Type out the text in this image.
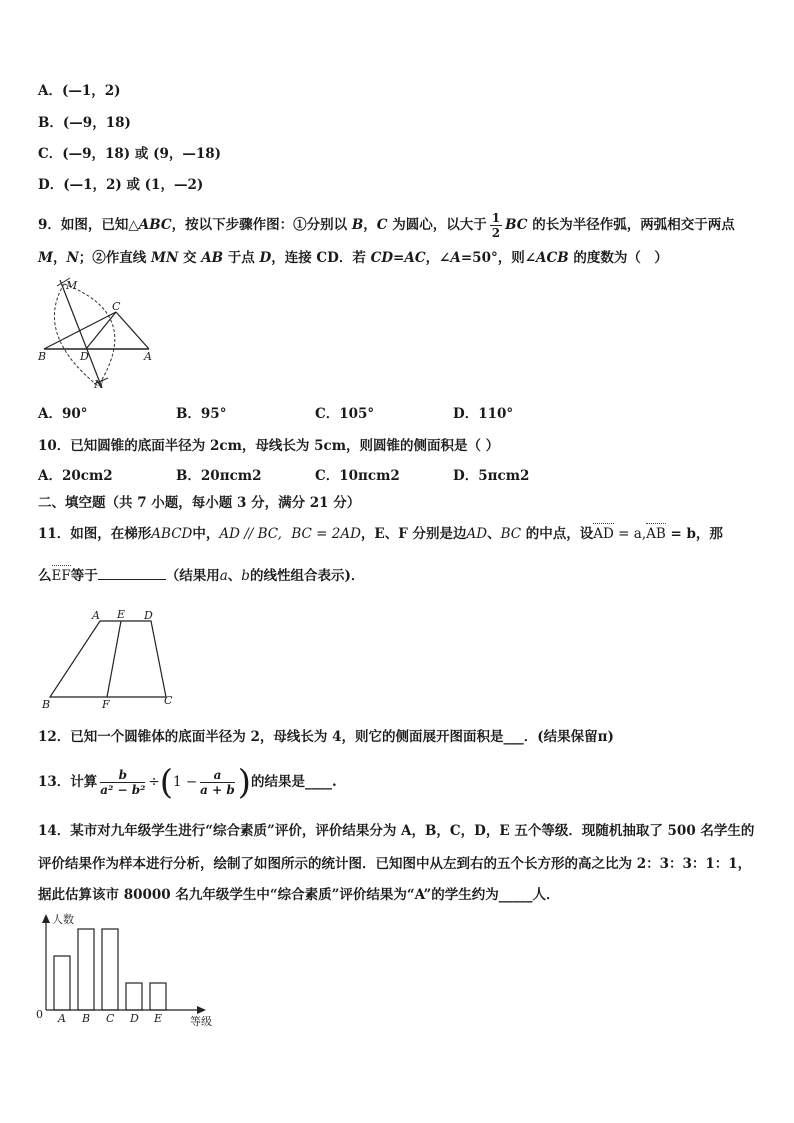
A．(—1，2)
B．(—9，18)
C．(—9，18) 或 (9，—18)
D．(—1，2) 或 (1，—2)
9．如图，已知△ABC，按以下步骤作图：①分别以 B，C 为圆心，以大于 $\frac{1}{2}$ BC 的长为半径作弧，两弧相交于两点
M，N；②作直线 MN 交 AB 于点 D，连接 CD．若 CD=AC，∠A=50°，则∠ACB 的度数为（　）
M
C
B	D	A
N
A．90°	B．95°	C．105°	D．110°
10．已知圆锥的底面半径为 2cm，母线长为 5cm，则圆锥的侧面积是（ ）
A．20cm2	B．20πcm2	C．10πcm2	D．5πcm2
二、填空题（共 7 小题，每小题 3 分，满分 21 分）
11．如图，在梯形ABCD中，AD // BC, BC = 2AD，E、F 分别是边AD、BC 的中点，设AD = a,AB = b，那
么EF等于	（结果用a、b的线性组合表示)．
A E D
B	F	C
12．已知一个圆锥体的底面半径为 2，母线长为 4，则它的侧面展开图面积是___．(结果保留π)
13．计算 $\frac{b}{\text{a² − b²}} \div(1 - \frac{a}{a + b}$ )的结果是____.
14．某市对九年级学生进行“综合素质”评价，评价结果分为 A，B，C，D，E 五个等级．现随机抽取了 500 名学生的
评价结果作为样本进行分析，绘制了如图所示的统计图．已知图中从左到右的五个长方形的高之比为 2：3：3：1：1，
据此估算该市 80000 名九年级学生中“综合素质”评价结果为“A”的学生约为_____人．
人数
等级
0 A B C D E
